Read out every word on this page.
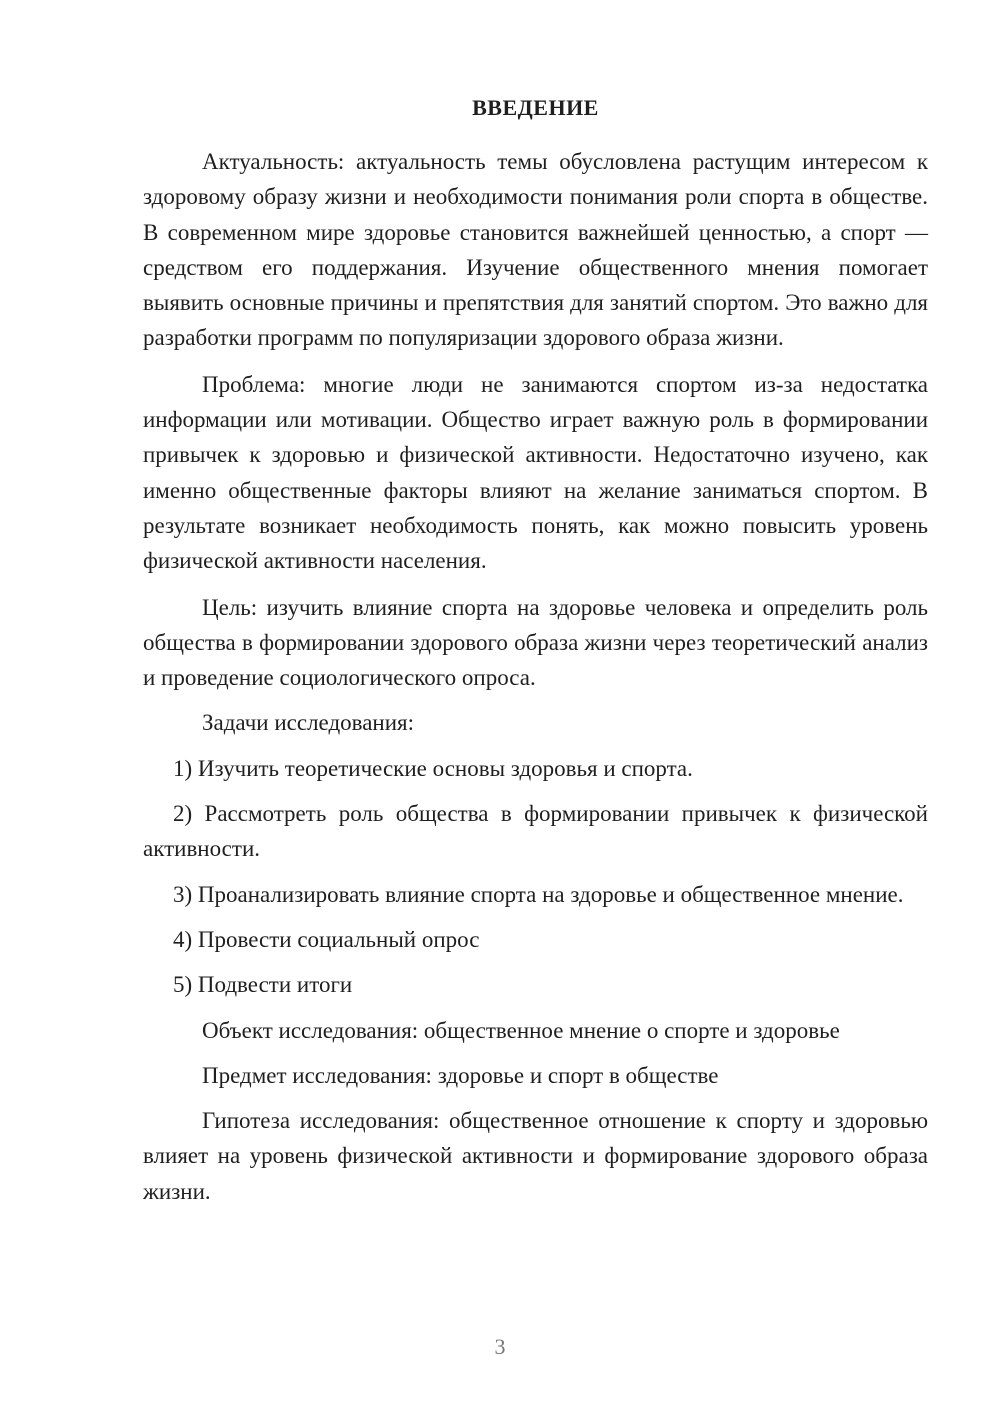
ВВЕДЕНИЕ

Актуальность: актуальность темы обусловлена растущим интересом к здоровому образу жизни и необходимости понимания роли спорта в обществе. В современном мире здоровье становится важнейшей ценностью, а спорт — средством его поддержания. Изучение общественного мнения помогает выявить основные причины и препятствия для занятий спортом. Это важно для разработки программ по популяризации здорового образа жизни.

Проблема: многие люди не занимаются спортом из-за недостатка информации или мотивации. Общество играет важную роль в формировании привычек к здоровью и физической активности. Недостаточно изучено, как именно общественные факторы влияют на желание заниматься спортом. В результате возникает необходимость понять, как можно повысить уровень физической активности населения.

Цель: изучить влияние спорта на здоровье человека и определить роль общества в формировании здорового образа жизни через теоретический анализ и проведение социологического опроса.

Задачи исследования:

1) Изучить теоретические основы здоровья и спорта.

2) Рассмотреть роль общества в формировании привычек к физической активности.

3) Проанализировать влияние спорта на здоровье и общественное мнение.

4) Провести социальный опрос

5) Подвести итоги

Объект исследования: общественное мнение о спорте и здоровье

Предмет исследования: здоровье и спорт в обществе

Гипотеза исследования: общественное отношение к спорту и здоровью влияет на уровень физической активности и формирование здорового образа жизни.

3
